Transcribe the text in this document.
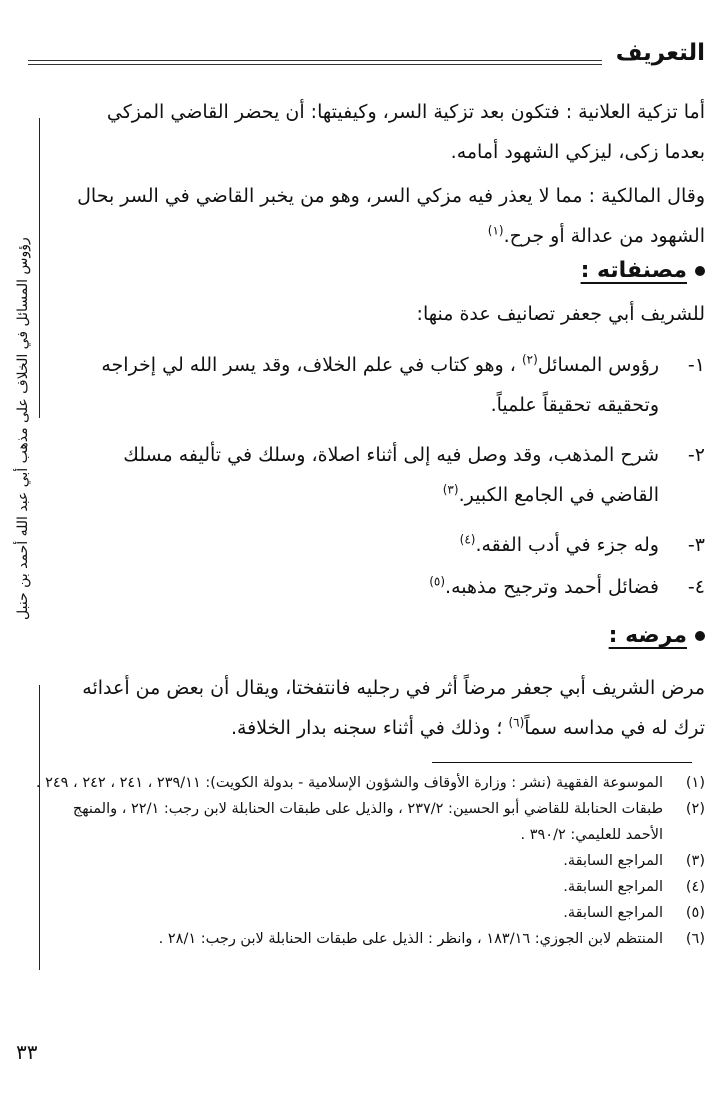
التعريف
أما تزكية العلانية : فتكون بعد تزكية السر، وكيفيتها: أن يحضر القاضي المزكي بعدما زكى، ليزكي الشهود أمامه.
وقال المالكية : مما لا يعذر فيه مزكي السر، وهو من يخبر القاضي في السر بحال الشهود من عدالة أو جرح.$^{(١)}$
مصنفاته :
للشريف أبي جعفر تصانيف عدة منها:
١-
رؤوس المسائل$^{(٢)}$ ، وهو كتاب في علم الخلاف، وقد يسر الله لي إخراجه وتحقيقه تحقيقاً علمياً.
٢-
شرح المذهب، وقد وصل فيه إلى أثناء اصلاة، وسلك في تأليفه مسلك القاضي في الجامع الكبير.$^{(٣)}$
٣-
وله جزء في أدب الفقه.$^{(٤)}$
٤-
فضائل أحمد وترجيح مذهبه.$^{(٥)}$
مرضه :
مرض الشريف أبي جعفر مرضاً أثر في رجليه فانتفختا، ويقال أن بعض من أعدائه ترك له في مداسه سماً$^{(٦)}$ ؛ وذلك في أثناء سجنه بدار الخلافة.
(١)
الموسوعة الفقهية (نشر : وزارة الأوقاف والشؤون الإسلامية - بدولة الكويت): ٢٣٩/١١ ، ٢٤١ ، ٢٤٢ ، ٢٤٩ .
(٢)
طبقات الحنابلة للقاضي أبو الحسين: ٢٣٧/٢ ، والذيل على طبقات الحنابلة لابن رجب: ٢٢/١ ، والمنهج الأحمد للعليمي: ٣٩٠/٢ .
(٣)
المراجع السابقة.
(٤)
المراجع السابقة.
(٥)
المراجع السابقة.
(٦)
المنتظم لابن الجوزي: ١٨٣/١٦ ، وانظر : الذيل على طبقات الحنابلة لابن رجب: ٢٨/١ .
رؤوس المسائل في الخلاف على مذهب أبي عبد الله أحمد بن حنبل
٣٣
